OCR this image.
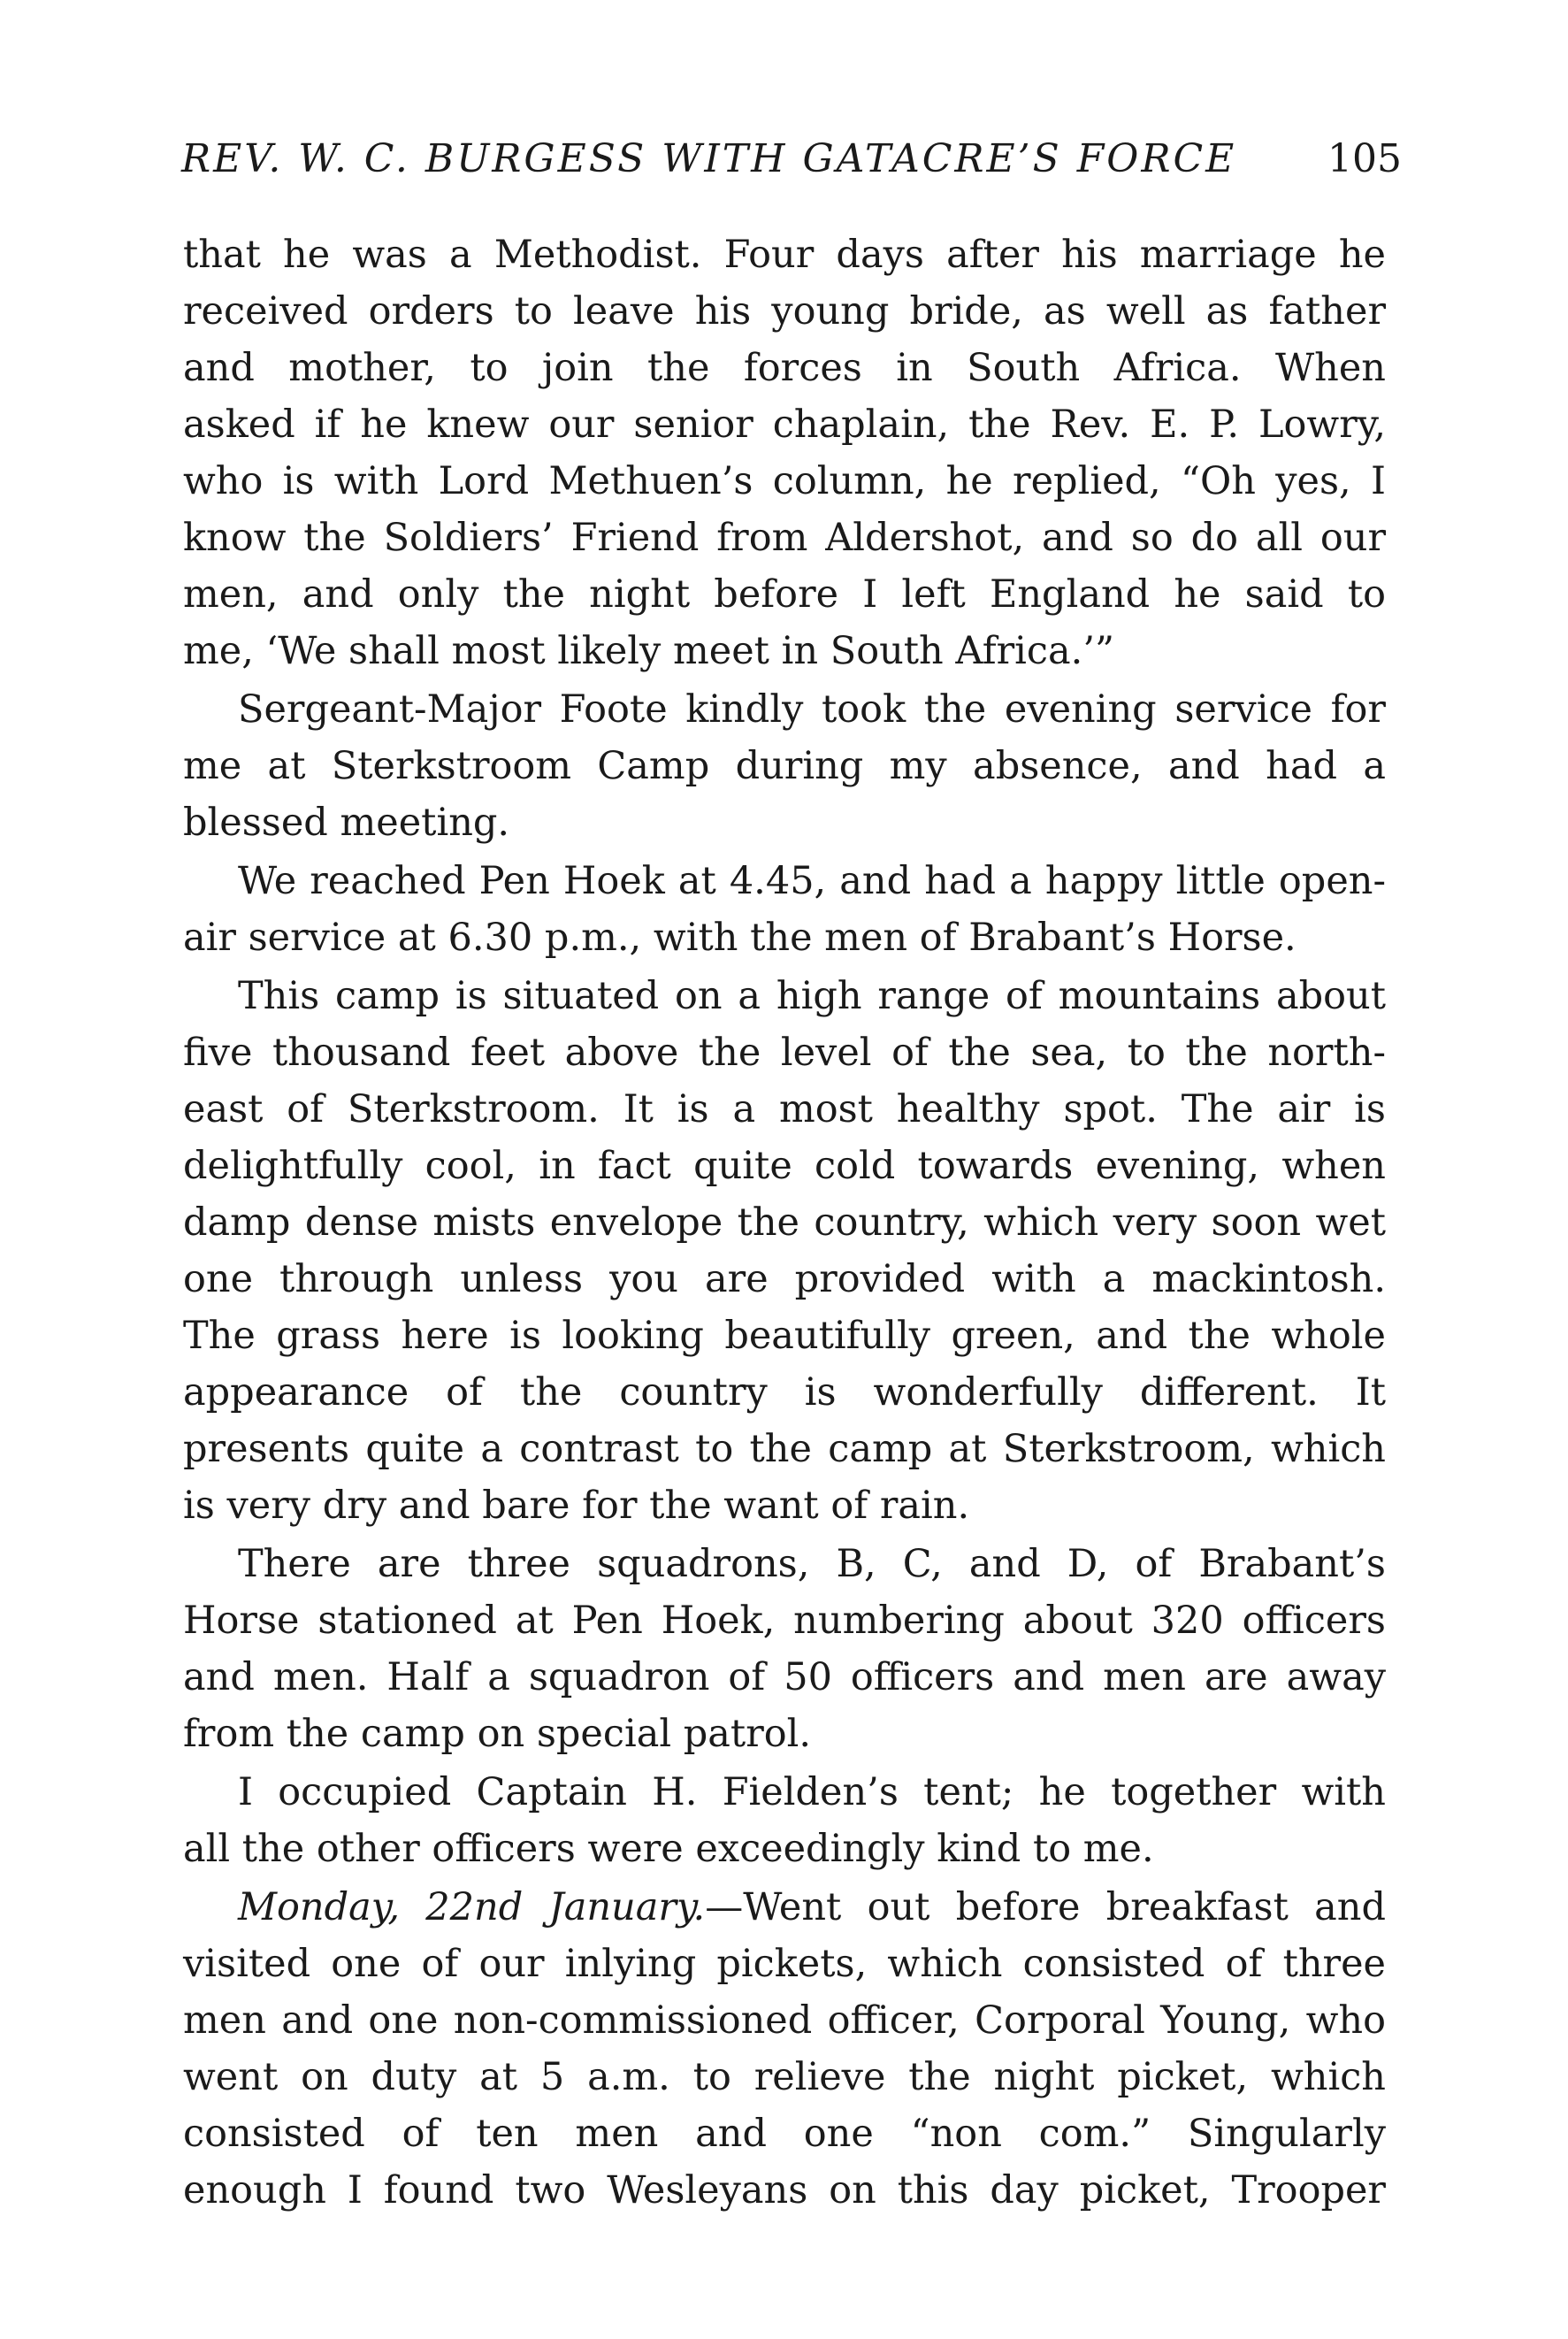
REV. W. C. BURGESS WITH GATACRE’S FORCE 105
that he was a Methodist. Four days after his marriage he
received orders to leave his young bride, as well as father
and mother, to join the forces in South Africa. When
asked if he knew our senior chaplain, the Rev. E. P. Lowry,
who is with Lord Methuen’s column, he replied, “Oh yes, I
know the Soldiers’ Friend from Aldershot, and so do all our
men, and only the night before I left England he said to
me, ‘We shall most likely meet in South Africa.’”
Sergeant-Major Foote kindly took the evening service for
me at Sterkstroom Camp during my absence, and had a
blessed meeting.
We reached Pen Hoek at 4.45, and had a happy little open-
air service at 6.30 p.m., with the men of Brabant’s Horse.
This camp is situated on a high range of mountains about
five thousand feet above the level of the sea, to the north-
east of Sterkstroom. It is a most healthy spot. The air is
delightfully cool, in fact quite cold towards evening, when
damp dense mists envelope the country, which very soon wet
one through unless you are provided with a mackintosh.
The grass here is looking beautifully green, and the whole
appearance of the country is wonderfully different. It
presents quite a contrast to the camp at Sterkstroom, which
is very dry and bare for the want of rain.
There are three squadrons, B, C, and D, of Brabant’s
Horse stationed at Pen Hoek, numbering about 320 officers
and men. Half a squadron of 50 officers and men are away
from the camp on special patrol.
I occupied Captain H. Fielden’s tent; he together with
all the other officers were exceedingly kind to me.
Monday, 22nd January.—Went out before breakfast and
visited one of our inlying pickets, which consisted of three
men and one non-commissioned officer, Corporal Young, who
went on duty at 5 a.m. to relieve the night picket, which
consisted of ten men and one “non com.” Singularly
enough I found two Wesleyans on this day picket, Trooper
